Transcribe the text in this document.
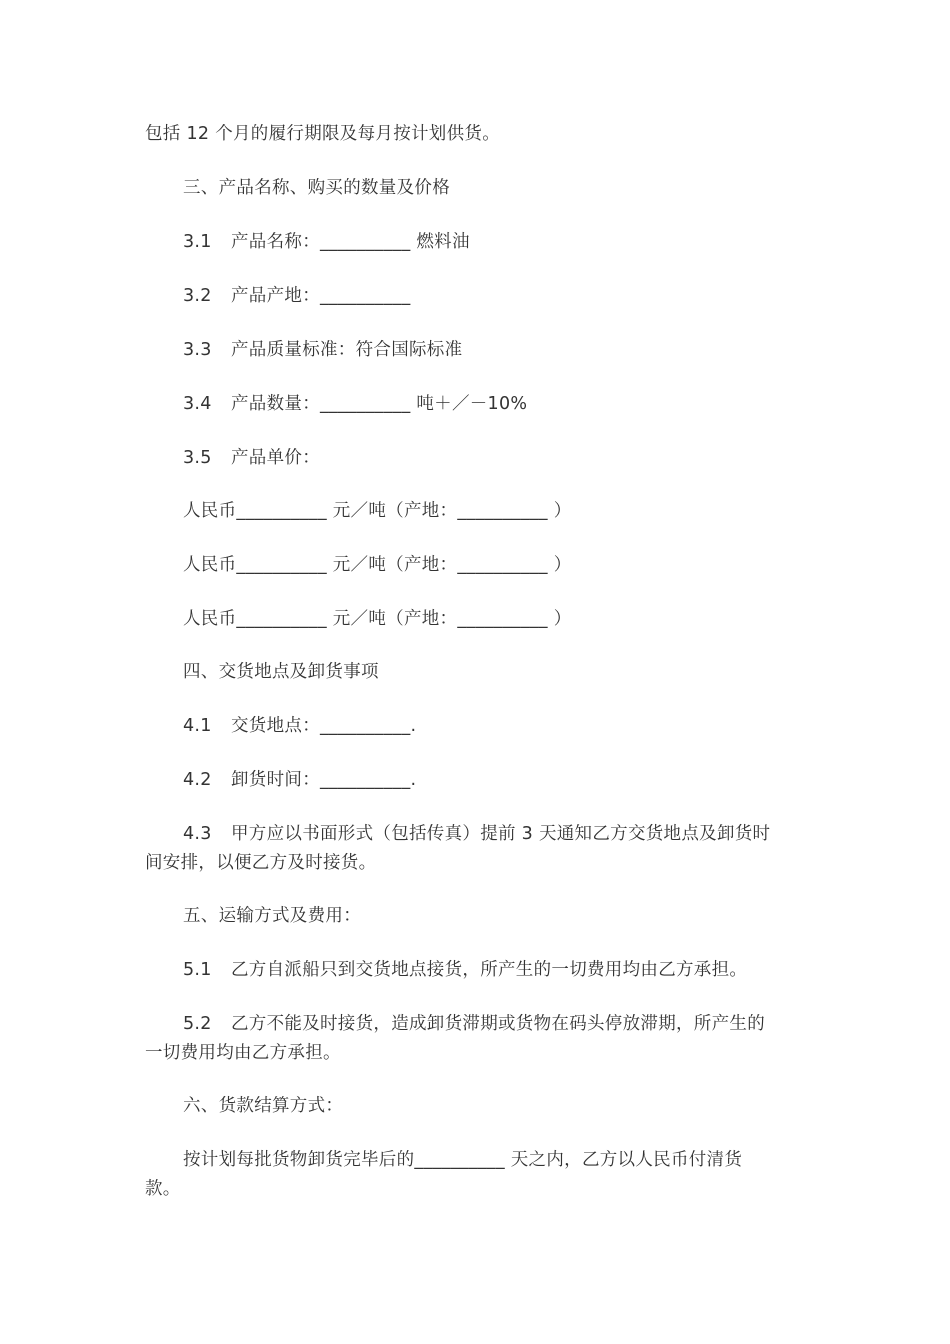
包括 12 个月的履行期限及每月按计划供货。
三、产品名称、购买的数量及价格
3.1 产品名称：__________ 燃料油
3.2 产品产地：__________
3.3 产品质量标准：符合国际标准
3.4 产品数量：__________ 吨＋／－10%
3.5 产品单价：
人民币__________ 元／吨（产地：__________ ）
人民币__________ 元／吨（产地：__________ ）
人民币__________ 元／吨（产地：__________ ）
四、交货地点及卸货事项
4.1 交货地点：__________.
4.2 卸货时间：__________.
4.3 甲方应以书面形式（包括传真）提前 3 天通知乙方交货地点及卸货时
间安排，以便乙方及时接货。
五、运输方式及费用：
5.1 乙方自派船只到交货地点接货，所产生的一切费用均由乙方承担。
5.2 乙方不能及时接货，造成卸货滞期或货物在码头停放滞期，所产生的
一切费用均由乙方承担。
六、货款结算方式：
按计划每批货物卸货完毕后的__________ 天之内，乙方以人民币付清货
款。
